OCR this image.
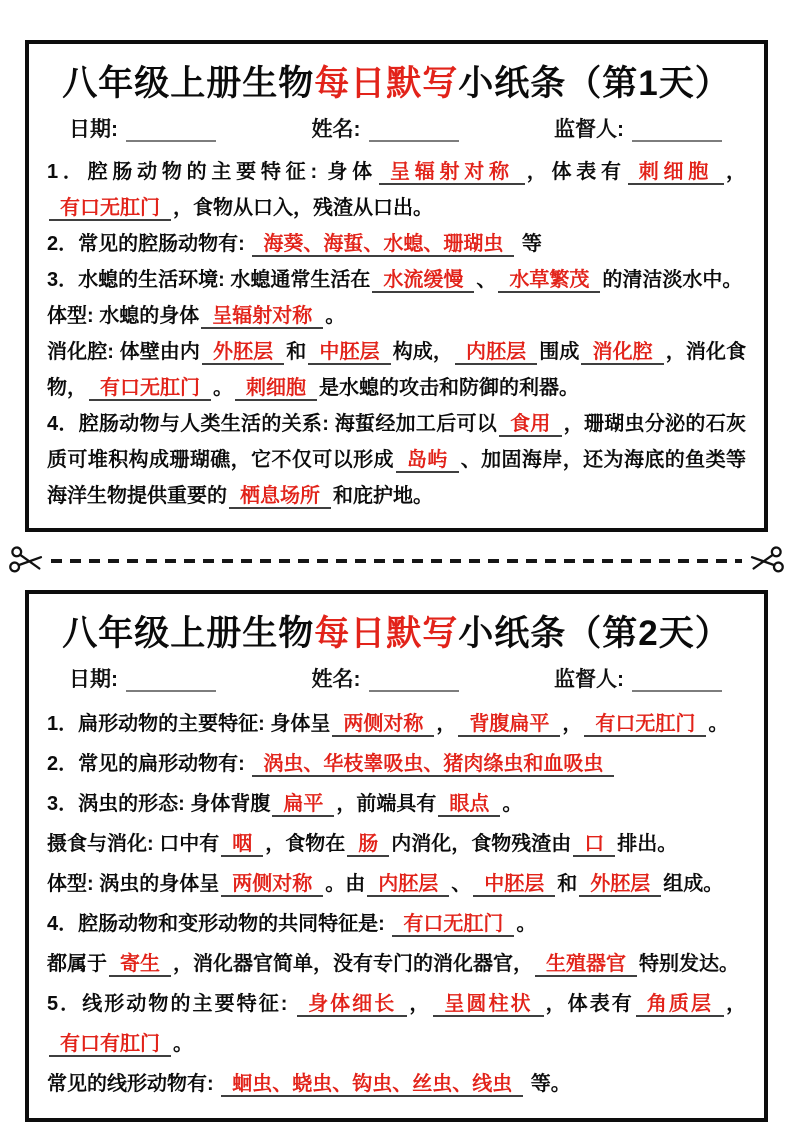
八年级上册生物每日默写小纸条（第1天）
日期:	姓名:	监督人:

1．腔肠动物的主要特征: 身体 呈辐射对称 ，体表有 刺细胞 ，有口无肛门 ，食物从口入，残渣从口出。

2．常见的腔肠动物有: 海葵、海蜇、水螅、珊瑚虫 等

3．水螅的生活环境: 水螅通常生活在 水流缓慢 、 水草繁茂 的清洁淡水中。

体型: 水螅的身体 呈辐射对称 。

消化腔: 体壁由内 外胚层 和 中胚层 构成， 内胚层 围成 消化腔 ，消化食物， 有口无肛门 。 刺细胞 是水螅的攻击和防御的利器。

4．腔肠动物与人类生活的关系: 海蜇经加工后可以 食用 ，珊瑚虫分泌的石灰质可堆积构成珊瑚礁，它不仅可以形成 岛屿 、加固海岸，还为海底的鱼类等海洋生物提供重要的 栖息场所 和庇护地。

八年级上册生物每日默写小纸条（第2天）
日期:	姓名:	监督人:

1．扁形动物的主要特征: 身体呈 两侧对称 ， 背腹扁平 ， 有口无肛门 。

2．常见的扁形动物有: 涡虫、华枝睾吸虫、猪肉绦虫和血吸虫

3．涡虫的形态: 身体背腹 扁平 ，前端具有 眼点 。

摄食与消化: 口中有 咽 ，食物在 肠 内消化，食物残渣由 口 排出。

体型: 涡虫的身体呈 两侧对称 。由 内胚层 、 中胚层 和 外胚层 组成。

4．腔肠动物和变形动物的共同特征是: 有口无肛门 。

都属于 寄生 ，消化器官简单，没有专门的消化器官， 生殖器官 特别发达。

5．线形动物的主要特征: 身体细长 ， 呈圆柱状 ，体表有 角质层 ，有口有肛门 。

常见的线形动物有: 蛔虫、蛲虫、钩虫、丝虫、线虫 等。
